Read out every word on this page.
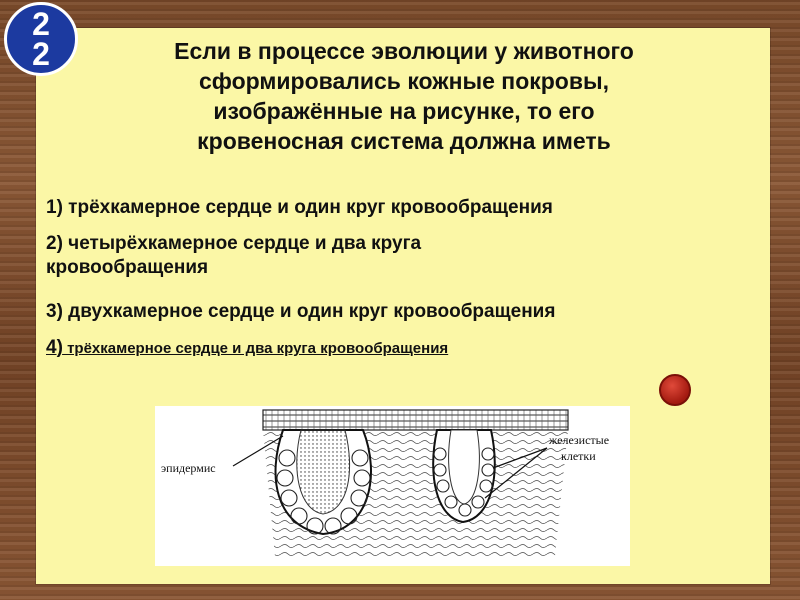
2
2	Если в процессе эволюции у животного
сформировались кожные покровы,
изображённые на рисунке, то его
кровеносная система должна иметь
1) трёхкамерное сердце и один круг кровообращения
2) четырёхкамерное сердце и два круга
кровообращения
3) двухкамерное сердце и один круг кровообращения
4) трёхкамерное сердце и два круга кровообращения
эпидермис
железистые
клетки
